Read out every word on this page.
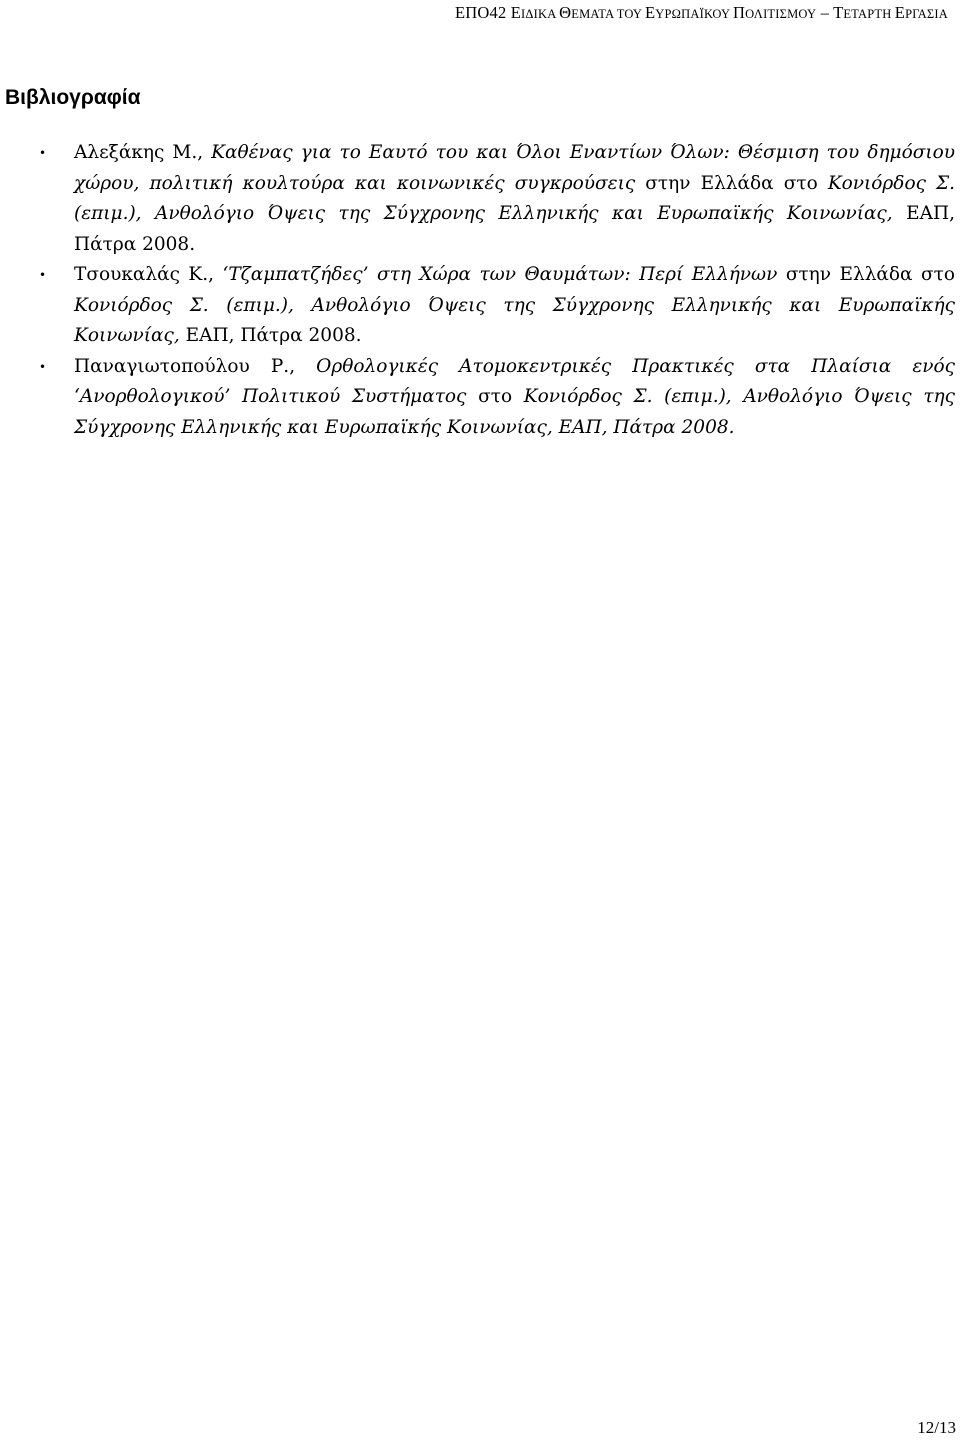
ΕΠΟ42 ΕΙΔΙΚΑ ΘΕΜΑΤΑ ΤΟΥ ΕΥΡΩΠΑΪΚΟΥ ΠΟΛΙΤΙΣΜΟΥ – ΤΕΤΑΡΤΗ ΕΡΓΑΣΙΑ
Βιβλιογραφία
• Αλεξάκης Μ., Καθένας για το Εαυτό του και Όλοι Εναντίων Όλων: Θέσμιση του δημόσιου χώρου, πολιτική κουλτούρα και κοινωνικές συγκρούσεις στην Ελλάδα στο Κονιόρδος Σ. (επιμ.), Ανθολόγιο Όψεις της Σύγχρονης Ελληνικής και Ευρωπαϊκής Κοινωνίας, ΕΑΠ, Πάτρα 2008.
• Τσουκαλάς Κ., ‘Τζαμπατζήδες’ στη Χώρα των Θαυμάτων: Περί Ελλήνων στην Ελλάδα στο Κονιόρδος Σ. (επιμ.), Ανθολόγιο Όψεις της Σύγχρονης Ελληνικής και Ευρωπαϊκής Κοινωνίας, ΕΑΠ, Πάτρα 2008.
• Παναγιωτοπούλου Ρ., Ορθολογικές Ατομοκεντρικές Πρακτικές στα Πλαίσια ενός ‘Ανορθολογικού’ Πολιτικού Συστήματος στο Κονιόρδος Σ. (επιμ.), Ανθολόγιο Όψεις της Σύγχρονης Ελληνικής και Ευρωπαϊκής Κοινωνίας, ΕΑΠ, Πάτρα 2008.
12/13
